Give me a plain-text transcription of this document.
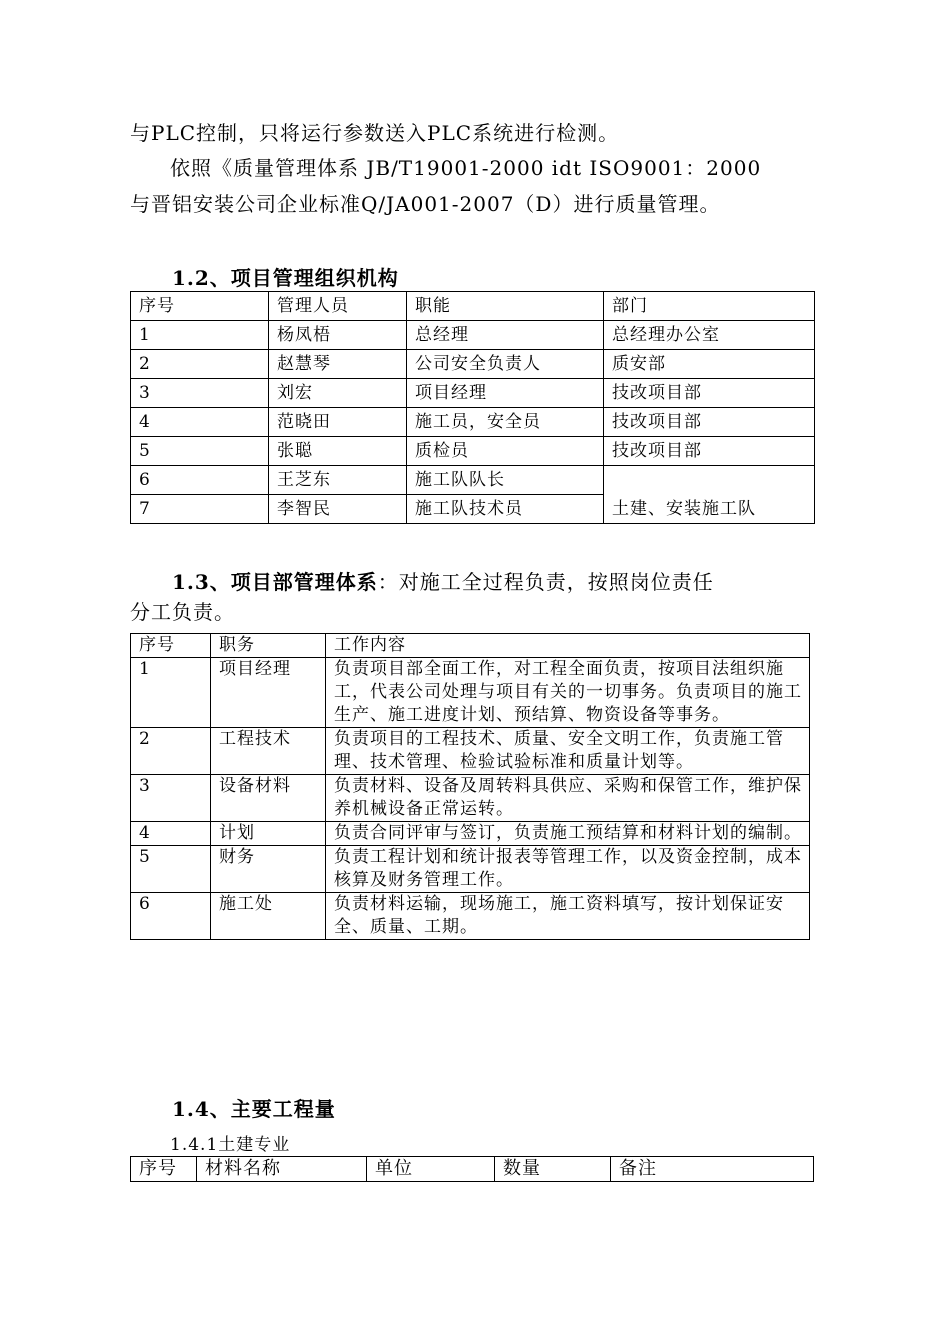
与PLC控制，只将运行参数送入PLC系统进行检测。
依照《质量管理体系 JB/T19001-2000 idt ISO9001：2000
与晋铝安装公司企业标准Q/JA001-2007（D）进行质量管理。
1.2、项目管理组织机构
序号	管理人员	职能	部门
1	杨凤梧	总经理	总经理办公室
2	赵慧琴	公司安全负责人	质安部
3	刘宏	项目经理	技改项目部
4	范晓田	施工员，安全员	技改项目部
5	张聪	质检员	技改项目部
6	王芝东	施工队队长	土建、安装施工队
7	李智民	施工队技术员	
1.3、项目部管理体系：对施工全过程负责，按照岗位责任
分工负责。
序号	职务	工作内容
1	项目经理	负责项目部全面工作，对工程全面负责，按项目法组织施工，代表公司处理与项目有关的一切事务。负责项目的施工生产、施工进度计划、预结算、物资设备等事务。
2	工程技术	负责项目的工程技术、质量、安全文明工作，负责施工管理、技术管理、检验试验标准和质量计划等。
3	设备材料	负责材料、设备及周转料具供应、采购和保管工作，维护保养机械设备正常运转。
4	计划	负责合同评审与签订，负责施工预结算和材料计划的编制。
5	财务	负责工程计划和统计报表等管理工作，以及资金控制，成本核算及财务管理工作。
6	施工处	负责材料运输，现场施工，施工资料填写，按计划保证安全、质量、工期。
1.4、主要工程量
1.4.1土建专业
序号	材料名称	单位	数量	备注
